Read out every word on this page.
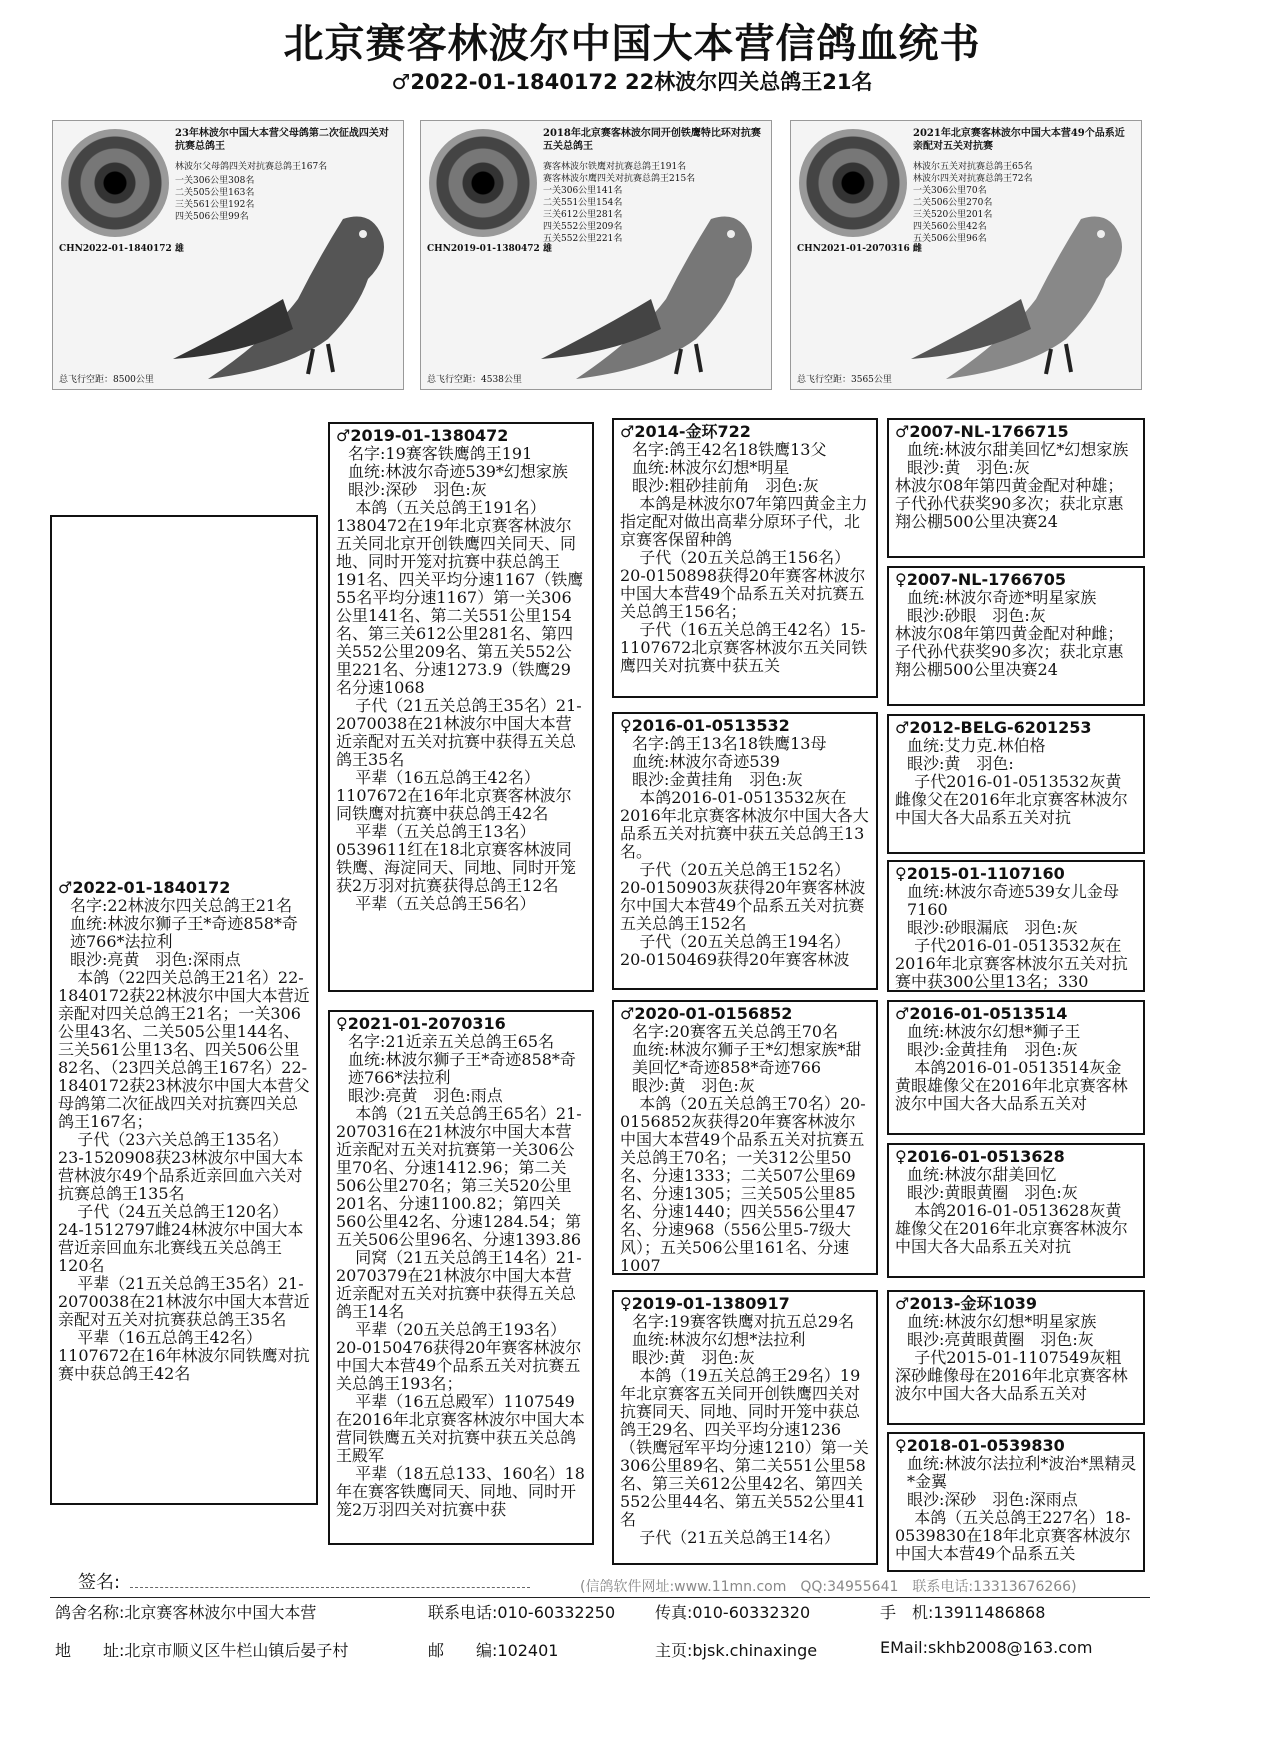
北京赛客林波尔中国大本营信鸽血统书
♂2022-01-1840172 22林波尔四关总鸽王21名
23年林波尔中国大本营父母鸽第二次征战四关对抗赛总鸽王
林波尔父母鸽四关对抗赛总鸽王167名
一关306公里308名
二关505公里163名
三关561公里192名
四关506公里99名
CHN2022-01-1840172 雄
总飞行空距：8500公里
2018年北京赛客林波尔同开创铁鹰特比环对抗赛五关总鸽王
赛客林波尔铁鹰对抗赛总鸽王191名
赛客林波尔鹰四关对抗赛总鸽王215名
一关306公里141名
二关551公里154名
三关612公里281名
四关552公里209名
五关552公里221名
CHN2019-01-1380472 雄
总飞行空距：4538公里
2021年北京赛客林波尔中国大本营49个品系近亲配对五关对抗赛
林波尔五关对抗赛总鸽王65名
林波尔四关对抗赛总鸽王72名
一关306公里70名
二关506公里270名
三关520公里201名
四关560公里42名
五关506公里96名
CHN2021-01-2070316 雌
总飞行空距：3565公里

♂2022-01-1840172

名字:22林波尔四关总鸽王21名

血统:林波尔狮子王*奇迹858*奇迹766*法拉利

眼沙:亮黄　羽色:深雨点

本鸽（22四关总鸽王21名）22-1840172获22林波尔中国大本营近亲配对四关总鸽王21名；一关306公里43名、二关505公里144名、三关561公里13名、四关506公里82名、（23四关总鸽王167名）22-1840172获23林波尔中国大本营父母鸽第二次征战四关对抗赛四关总鸽王167名；

子代（23六关总鸽王135名）23-1520908获23林波尔中国大本营林波尔49个品系近亲回血六关对抗赛总鸽王135名

子代（24五关总鸽王120名）24-1512797雌24林波尔中国大本营近亲回血东北赛线五关总鸽王120名

平辈（21五关总鸽王35名）21-2070038在21林波尔中国大本营近亲配对五关对抗赛获总鸽王35名

平辈（16五总鸽王42名）1107672在16年林波尔同铁鹰对抗赛中获总鸽王42名

♂2019-01-1380472

名字:19赛客铁鹰鸽王191

血统:林波尔奇迹539*幻想家族

眼沙:深砂　羽色:灰

本鸽（五关总鸽王191名）1380472在19年北京赛客林波尔五关同北京开创铁鹰四关同天、同地、同时开笼对抗赛中获总鸽王191名、四关平均分速1167（铁鹰55名平均分速1167）第一关306公里141名、第二关551公里154名、第三关612公里281名、第四关552公里209名、第五关552公里221名、分速1273.9（铁鹰29名分速1068

子代（21五关总鸽王35名）21-2070038在21林波尔中国大本营近亲配对五关对抗赛中获得五关总鸽王35名

平辈（16五总鸽王42名）1107672在16年北京赛客林波尔同铁鹰对抗赛中获总鸽王42名

平辈（五关总鸽王13名）0539611红在18北京赛客林波同铁鹰、海淀同天、同地、同时开笼获2万羽对抗赛获得总鸽王12名

平辈（五关总鸽王56名）

♀2021-01-2070316

名字:21近亲五关总鸽王65名

血统:林波尔狮子王*奇迹858*奇迹766*法拉利

眼沙:亮黄　羽色:雨点

本鸽（21五关总鸽王65名）21-2070316在21林波尔中国大本营近亲配对五关对抗赛第一关306公里70名、分速1412.96；第二关506公里270名；第三关520公里201名、分速1100.82；第四关560公里42名、分速1284.54；第五关506公里96名、分速1393.86

同窝（21五关总鸽王14名）21-2070379在21林波尔中国大本营近亲配对五关对抗赛中获得五关总鸽王14名

平辈（20五关总鸽王193名）20-0150476获得20年赛客林波尔中国大本营49个品系五关对抗赛五关总鸽王193名；

平辈（16五总殿军）1107549在2016年北京赛客林波尔中国大本营同铁鹰五关对抗赛中获五关总鸽王殿军

平辈（18五总133、160名）18年在赛客铁鹰同天、同地、同时开笼2万羽四关对抗赛中获

♂2014-金环722

名字:鸽王42名18铁鹰13父

血统:林波尔幻想*明星

眼沙:粗砂挂前角　羽色:灰

本鸽是林波尔07年第四黄金主力指定配对做出高辈分原环子代，北京赛客保留种鸽

子代（20五关总鸽王156名）20-0150898获得20年赛客林波尔中国大本营49个品系五关对抗赛五关总鸽王156名；

子代（16五关总鸽王42名）15-1107672北京赛客林波尔五关同铁鹰四关对抗赛中获五关

♀2016-01-0513532

名字:鸽王13名18铁鹰13母

血统:林波尔奇迹539

眼沙:金黄挂角　羽色:灰

本鸽2016-01-0513532灰在2016年北京赛客林波尔中国大各大品系五关对抗赛中获五关总鸽王13名。

子代（20五关总鸽王152名）20-0150903灰获得20年赛客林波尔中国大本营49个品系五关对抗赛五关总鸽王152名

子代（20五关总鸽王194名）20-0150469获得20年赛客林波

♂2020-01-0156852

名字:20赛客五关总鸽王70名

血统:林波尔狮子王*幻想家族*甜美回忆*奇迹858*奇迹766

眼沙:黄　羽色:灰

本鸽（20五关总鸽王70名）20-0156852灰获得20年赛客林波尔中国大本营49个品系五关对抗赛五关总鸽王70名；一关312公里50名、分速1333；二关507公里69名、分速1305；三关505公里85名、分速1440；四关556公里47名、分速968（556公里5-7级大风）；五关506公里161名、分速1007

♀2019-01-1380917

名字:19赛客铁鹰对抗五总29名

血统:林波尔幻想*法拉利

眼沙:黄　羽色:灰

本鸽（19五关总鸽王29名）19年北京赛客五关同开创铁鹰四关对抗赛同天、同地、同时开笼中获总鸽王29名、四关平均分速1236（铁鹰冠军平均分速1210）第一关306公里89名、第二关551公里58名、第三关612公里42名、第四关552公里44名、第五关552公里41名

子代（21五关总鸽王14名）

♂2007-NL-1766715

血统:林波尔甜美回忆*幻想家族

眼沙:黄　羽色:灰

林波尔08年第四黄金配对种雄；子代孙代获奖90多次；获北京惠翔公棚500公里决赛24

♀2007-NL-1766705

血统:林波尔奇迹*明星家族

眼沙:砂眼　羽色:灰

林波尔08年第四黄金配对种雌；子代孙代获奖90多次；获北京惠翔公棚500公里决赛24

♂2012-BELG-6201253

血统:艾力克.林伯格

眼沙:黄　羽色:

子代2016-01-0513532灰黄雌像父在2016年北京赛客林波尔中国大各大品系五关对抗

♀2015-01-1107160

血统:林波尔奇迹539女儿金母7160

眼沙:砂眼漏底　羽色:灰

子代2016-01-0513532灰在2016年北京赛客林波尔五关对抗赛中获300公里13名；330

♂2016-01-0513514

血统:林波尔幻想*狮子王

眼沙:金黄挂角　羽色:灰

本鸽2016-01-0513514灰金黄眼雄像父在2016年北京赛客林波尔中国大各大品系五关对

♀2016-01-0513628

血统:林波尔甜美回忆

眼沙:黄眼黄圈　羽色:灰

本鸽2016-01-0513628灰黄雄像父在2016年北京赛客林波尔中国大各大品系五关对抗

♂2013-金环1039

血统:林波尔幻想*明星家族

眼沙:亮黄眼黄圈　羽色:灰

子代2015-01-1107549灰粗深砂雌像母在2016年北京赛客林波尔中国大各大品系五关对

♀2018-01-0539830

血统:林波尔法拉利*波治*黑精灵*金翼

眼沙:深砂　羽色:深雨点

本鸽（五关总鸽王227名）18-0539830在18年北京赛客林波尔中国大本营49个品系五关

签名:	(信鸽软件网址:www.11mn.com　QQ:34955641　联系电话:13313676266)
鸽舍名称:北京赛客林波尔中国大本营	联系电话:010-60332250 传真:010-60332320	手　机:13911486868
地　　址:北京市顺义区牛栏山镇后晏子村	邮　　编:102401	主页:bjsk.chinaxinge	EMail:skhb2008@163.com
